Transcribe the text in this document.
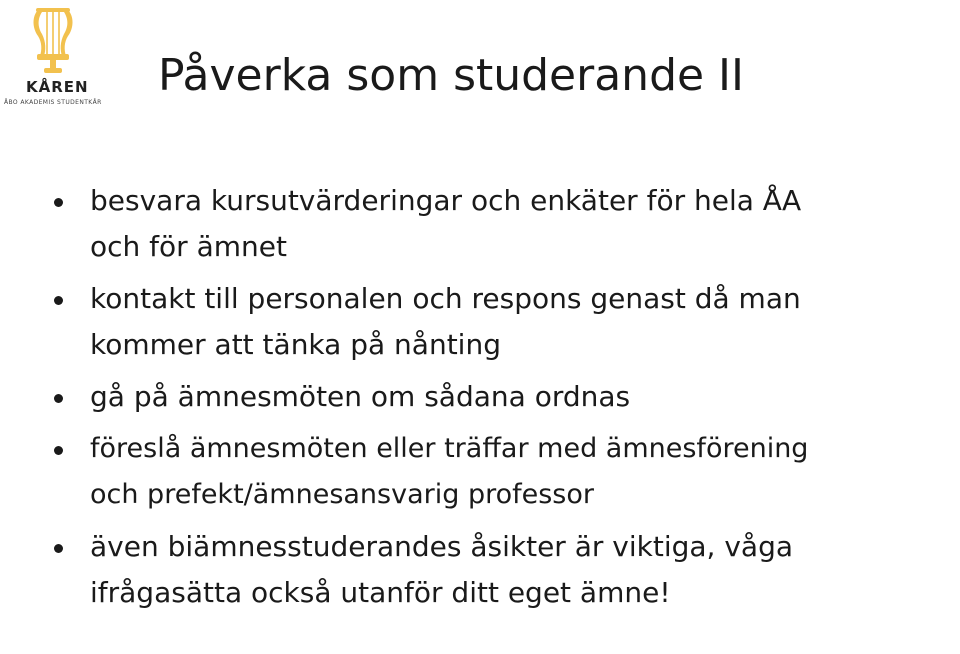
KÅREN
ÅBO AKADEMIS STUDENTKÅR
Påverka som studerande II
besvara kursutvärderingar och enkäter för hela ÅA
och för ämnet
kontakt till personalen och respons genast då man
kommer att tänka på nånting
gå på ämnesmöten om sådana ordnas
föreslå ämnesmöten eller träffar med ämnesförening
och prefekt/ämnesansvarig professor
även biämnesstuderandes åsikter är viktiga, våga
ifrågasätta också utanför ditt eget ämne!
